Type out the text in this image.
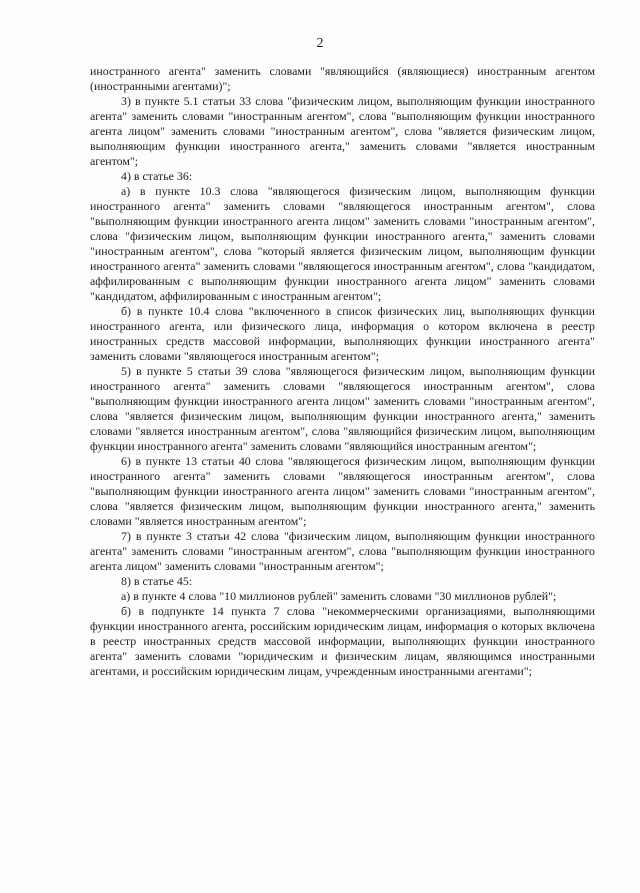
2

иностранного агента" заменить словами "являющийся (являющиеся) иностранным агентом (иностранными агентами)";

3) в пункте 5.1 статьи 33 слова "физическим лицом, выполняющим функции иностранного агента" заменить словами "иностранным агентом", слова "выполняющим функции иностранного агента лицом" заменить словами "иностранным агентом", слова "является физическим лицом, выполняющим функции иностранного агента," заменить словами "является иностранным агентом";

4) в статье 36:

а) в пункте 10.3 слова "являющегося физическим лицом, выполняющим функции иностранного агента" заменить словами "являющегося иностранным агентом", слова "выполняющим функции иностранного агента лицом" заменить словами "иностранным агентом", слова "физическим лицом, выполняющим функции иностранного агента," заменить словами "иностранным агентом", слова "который является физическим лицом, выполняющим функции иностранного агента" заменить словами "являющегося иностранным агентом", слова "кандидатом, аффилированным с выполняющим функции иностранного агента лицом" заменить словами "кандидатом, аффилированным с иностранным агентом";

б) в пункте 10.4 слова "включенного в список физических лиц, выполняющих функции иностранного агента, или физического лица, информация о котором включена в реестр иностранных средств массовой информации, выполняющих функции иностранного агента" заменить словами "являющегося иностранным агентом";

5) в пункте 5 статьи 39 слова "являющегося физическим лицом, выполняющим функции иностранного агента" заменить словами "являющегося иностранным агентом", слова "выполняющим функции иностранного агента лицом" заменить словами "иностранным агентом", слова "является физическим лицом, выполняющим функции иностранного агента," заменить словами "является иностранным агентом", слова "являющийся физическим лицом, выполняющим функции иностранного агента" заменить словами "являющийся иностранным агентом";

6) в пункте 13 статьи 40 слова "являющегося физическим лицом, выполняющим функции иностранного агента" заменить словами "являющегося иностранным агентом", слова "выполняющим функции иностранного агента лицом" заменить словами "иностранным агентом", слова "является физическим лицом, выполняющим функции иностранного агента," заменить словами "является иностранным агентом";

7) в пункте 3 статьи 42 слова "физическим лицом, выполняющим функции иностранного агента" заменить словами "иностранным агентом", слова "выполняющим функции иностранного агента лицом" заменить словами "иностранным агентом";

8) в статье 45:

а) в пункте 4 слова "10 миллионов рублей" заменить словами "30 миллионов рублей";

б) в подпункте 14 пункта 7 слова "некоммерческими организациями, выполняющими функции иностранного агента, российским юридическим лицам, информация о которых включена в реестр иностранных средств массовой информации, выполняющих функции иностранного агента" заменить словами "юридическим и физическим лицам, являющимся иностранными агентами, и российским юридическим лицам, учрежденным иностранными агентами";
